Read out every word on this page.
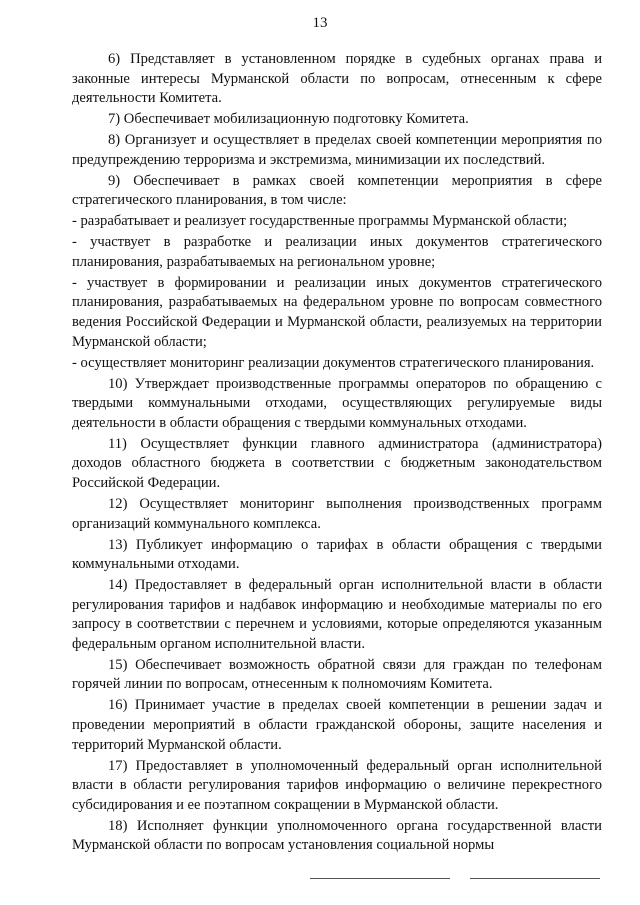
13

6) Представляет в установленном порядке в судебных органах права и законные интересы Мурманской области по вопросам, отнесенным к сфере деятельности Комитета.

7) Обеспечивает мобилизационную подготовку Комитета.

8) Организует и осуществляет в пределах своей компетенции мероприятия по предупреждению терроризма и экстремизма, минимизации их последствий.

9) Обеспечивает в рамках своей компетенции мероприятия в сфере стратегического планирования, в том числе:

- разрабатывает и реализует государственные программы Мурманской области;

- участвует в разработке и реализации иных документов стратегического планирования, разрабатываемых на региональном уровне;

- участвует в формировании и реализации иных документов стратегического планирования, разрабатываемых на федеральном уровне по вопросам совместного ведения Российской Федерации и Мурманской области, реализуемых на территории Мурманской области;

- осуществляет мониторинг реализации документов стратегического планирования.

10) Утверждает производственные программы операторов по обращению с твердыми коммунальными отходами, осуществляющих регулируемые виды деятельности в области обращения с твердыми коммунальных отходами.

11) Осуществляет функции главного администратора (администратора) доходов областного бюджета в соответствии с бюджетным законодательством Российской Федерации.

12) Осуществляет мониторинг выполнения производственных программ организаций коммунального комплекса.

13) Публикует информацию о тарифах в области обращения с твердыми коммунальными отходами.

14) Предоставляет в федеральный орган исполнительной власти в области регулирования тарифов и надбавок информацию и необходимые материалы по его запросу в соответствии с перечнем и условиями, которые определяются указанным федеральным органом исполнительной власти.

15) Обеспечивает возможность обратной связи для граждан по телефонам горячей линии по вопросам, отнесенным к полномочиям Комитета.

16) Принимает участие в пределах своей компетенции в решении задач и проведении мероприятий в области гражданской обороны, защите населения и территорий Мурманской области.

17) Предоставляет в уполномоченный федеральный орган исполнительной власти в области регулирования тарифов информацию о величине перекрестного субсидирования и ее поэтапном сокращении в Мурманской области.

18) Исполняет функции уполномоченного органа государственной власти Мурманской области по вопросам установления социальной нормы
